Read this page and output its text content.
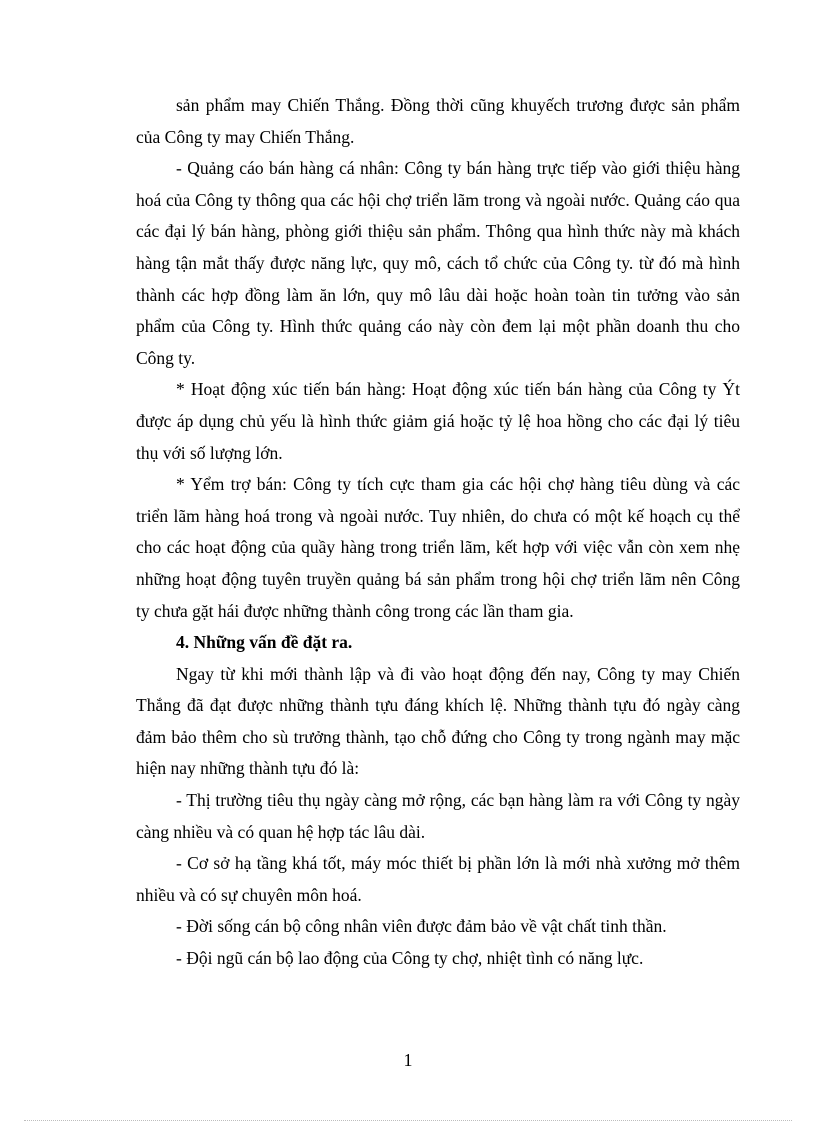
sản phẩm may Chiến Thắng. Đồng thời cũng khuyếch trương được sản phẩm của Công ty may Chiến Thắng.

- Quảng cáo bán hàng cá nhân: Công ty bán hàng trực tiếp vào giới thiệu hàng hoá của Công ty thông qua các hội chợ triển lãm trong và ngoài nước. Quảng cáo qua các đại lý bán hàng, phòng giới thiệu sản phẩm. Thông qua hình thức này mà khách hàng tận mắt thấy được năng lực, quy mô, cách tổ chức của Công ty. từ đó mà hình thành các hợp đồng làm ăn lớn, quy mô lâu dài hoặc hoàn toàn tin tưởng vào sản phẩm của Công ty. Hình thức quảng cáo này còn đem lại một phần doanh thu cho Công ty.

* Hoạt động xúc tiến bán hàng: Hoạt động xúc tiến bán hàng của Công ty Ýt được áp dụng chủ yếu là hình thức giảm giá hoặc tỷ lệ hoa hồng cho các đại lý tiêu thụ với số lượng lớn.

* Yểm trợ bán: Công ty tích cực tham gia các hội chợ hàng tiêu dùng và các triển lãm hàng hoá trong và ngoài nước. Tuy nhiên, do chưa có một kế hoạch cụ thể cho các hoạt động của quầy hàng trong triển lãm, kết hợp với việc vẫn còn xem nhẹ những hoạt động tuyên truyền quảng bá sản phẩm trong hội chợ triển lãm nên Công ty chưa gặt hái được những thành công trong các lần tham gia.

4. Những vấn đề đặt ra.

Ngay từ khi mới thành lập và đi vào hoạt động đến nay, Công ty may Chiến Thắng đã đạt được những thành tựu đáng khích lệ. Những thành tựu đó ngày càng đảm bảo thêm cho sù trưởng thành, tạo chỗ đứng cho Công ty trong ngành may mặc hiện nay những thành tựu đó là:

- Thị trường tiêu thụ ngày càng mở rộng, các bạn hàng làm ra với Công ty ngày càng nhiều và có quan hệ hợp tác lâu dài.

- Cơ sở hạ tầng khá tốt, máy móc thiết bị phần lớn là mới nhà xưởng mở thêm nhiều và có sự chuyên môn hoá.

- Đời sống cán bộ công nhân viên được đảm bảo về vật chất tinh thần.

- Đội ngũ cán bộ lao động của Công ty chợ, nhiệt tình có năng lực.

1
